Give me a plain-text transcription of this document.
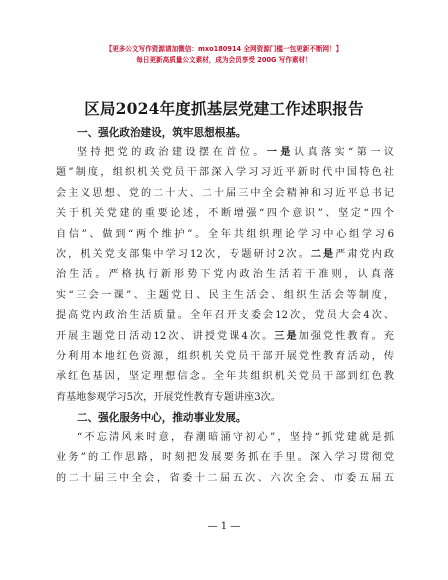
【更多公文写作资源请加微信：mxo180914 全网资源门槛一包更新不断网！】
每日更新高质量公文素材，成为会员享受 200G 写作素材！
区局2024年度抓基层党建工作述职报告
一、强化政治建设，筑牢思想根基。
坚持把党的政治建设摆在首位。一是认真落实“第一议
题”制度，组织机关党员干部深入学习习近平新时代中国特色社
会主义思想、党的二十大、二十届三中全会精神和习近平总书记
关于机关党建的重要论述，不断增强“四个意识”、坚定“四个
自信”、做到“两个维护”。全年共组织理论学习中心组学习6
次，机关党支部集中学习12次，专题研讨2次。二是严肃党内政
治生活。严格执行新形势下党内政治生活若干准则，认真落
实“三会一课”、主题党日、民主生活会、组织生活会等制度，
提高党内政治生活质量。全年召开支委会12次，党员大会4次、
开展主题党日活动12次、讲授党课4次。三是加强党性教育。充
分利用本地红色资源，组织机关党员干部开展党性教育活动，传
承红色基因，坚定理想信念。全年共组织机关党员干部到红色教
育基地参观学习5次，开展党性教育专题讲座3次。
二、强化服务中心，推动事业发展。
“不忘清风来时意，春潮暗涌守初心”，坚持“抓党建就是抓
业务”的工作思路，时刻把发展要务抓在手里。深入学习贯彻党
的二十届三中全会，省委十二届五次、六次全会、市委五届五
— 1 —
